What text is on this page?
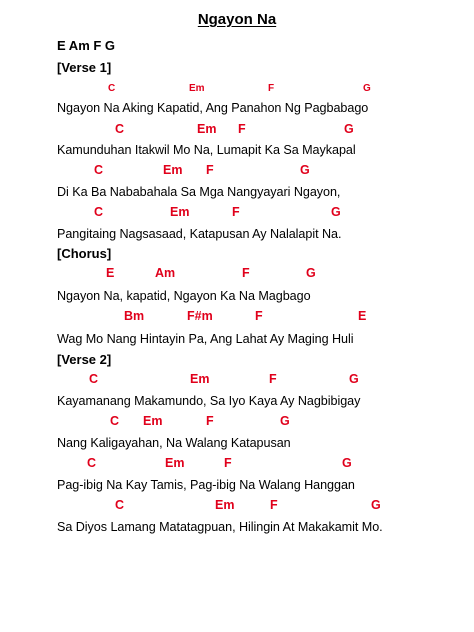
Ngayon Na
E Am F G
[Verse 1]
C	Em	F	G
Ngayon Na Aking Kapatid, Ang Panahon Ng Pagbabago
C	Em F	G
Kamunduhan Itakwil Mo Na, Lumapit Ka Sa Maykapal
C	Em F	G
Di Ka Ba Nababahala Sa Mga Nangyayari Ngayon,
C	Em	F	G
Pangitaing Nagsasaad, Katapusan Ay Nalalapit Na.
[Chorus]
E	Am	F	G
Ngayon Na, kapatid, Ngayon Ka Na Magbago
Bm	F#m	F	E
Wag Mo Nang Hintayin Pa, Ang Lahat Ay Maging Huli
[Verse 2]
C	Em	F	G
Kayamanang Makamundo, Sa Iyo Kaya Ay Nagbibigay
C Em	F	G
Nang Kaligayahan, Na Walang Katapusan
C	Em	F	G
Pag-ibig Na Kay Tamis, Pag-ibig Na Walang Hanggan
C	Em	F	G
Sa Diyos Lamang Matatagpuan, Hilingin At Makakamit Mo.
